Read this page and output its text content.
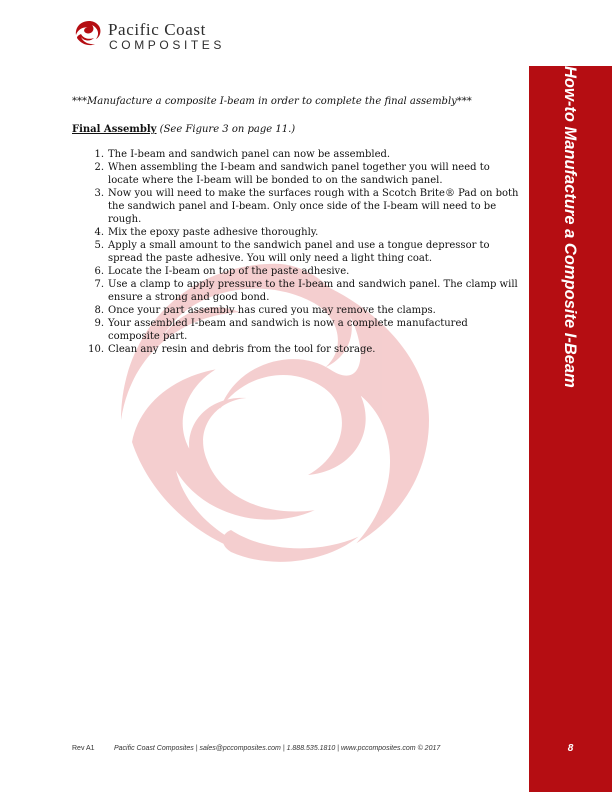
Pacific Coast
COMPOSITES
How-to Manufacture a Composite I-Beam
***Manufacture a composite I-beam in order to complete the final assembly***
Final Assembly (See Figure 3 on page 11.)
1. The I-beam and sandwich panel can now be assembled.
2. When assembling the I-beam and sandwich panel together you will need to locate where the I-beam will be bonded to on the sandwich panel.
3. Now you will need to make the surfaces rough with a Scotch Brite® Pad on both the sandwich panel and I-beam. Only once side of the I-beam will need to be rough.
4. Mix the epoxy paste adhesive thoroughly.
5. Apply a small amount to the sandwich panel and use a tongue depressor to spread the paste adhesive. You will only need a light thing coat.
6. Locate the I-beam on top of the paste adhesive.
7. Use a clamp to apply pressure to the I-beam and sandwich panel. The clamp will ensure a strong and good bond.
8. Once your part assembly has cured you may remove the clamps.
9. Your assembled I-beam and sandwich is now a complete manufactured composite part.
10. Clean any resin and debris from the tool for storage.
Rev A1	Pacific Coast Composites | sales@pccomposites.com | 1.888.535.1810 | www.pccomposites.com © 2017	8
